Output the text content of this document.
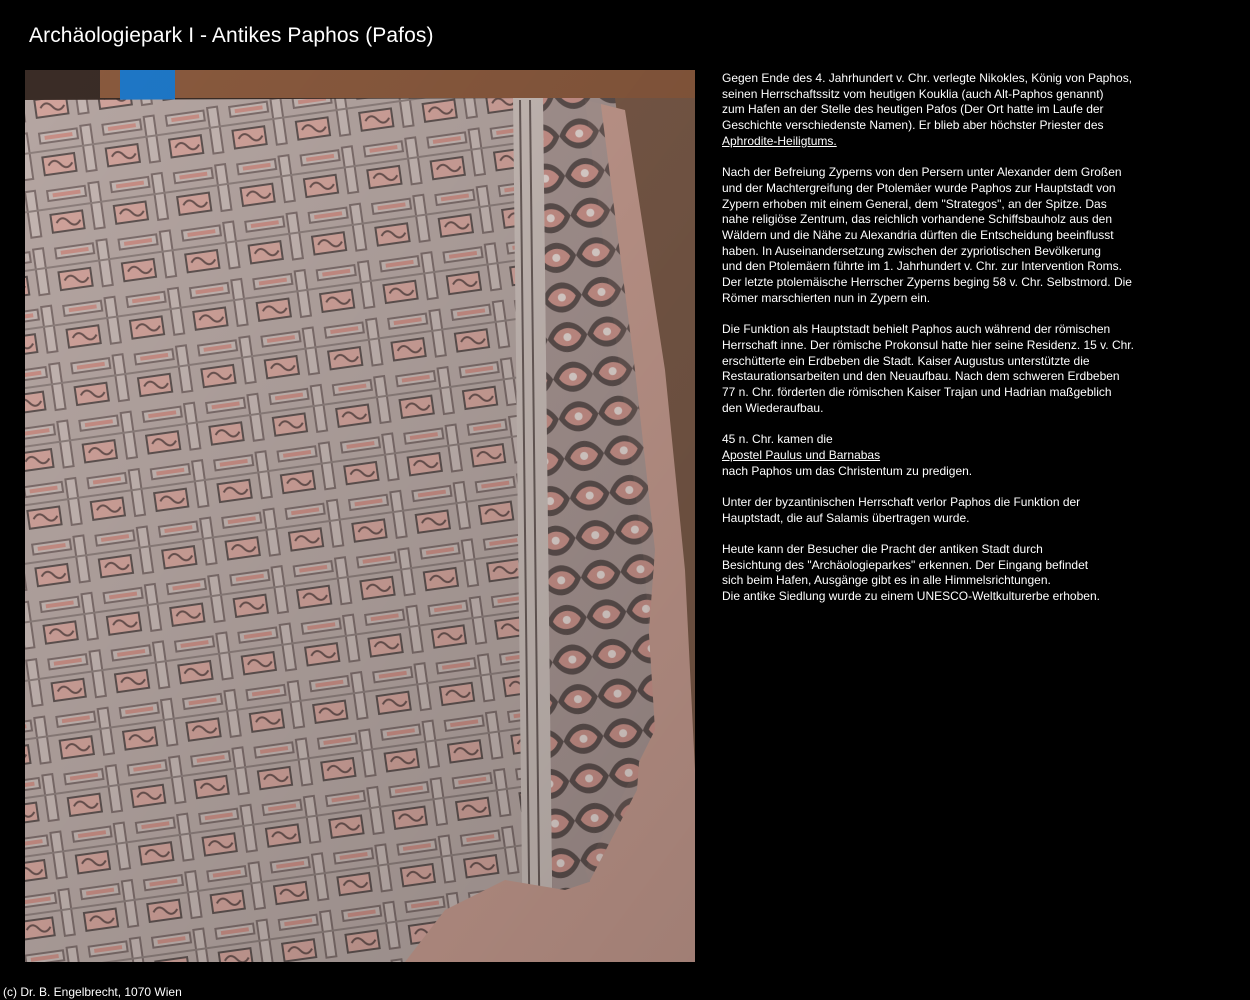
Archäologiepark I - Antikes Paphos (Pafos)

Gegen Ende des 4. Jahrhundert v. Chr. verlegte Nikokles, König von Paphos,
seinen Herrschaftssitz vom heutigen Kouklia (auch Alt-Paphos genannt)
zum Hafen an der Stelle des heutigen Pafos (Der Ort hatte im Laufe der
Geschichte verschiedenste Namen). Er blieb aber höchster Priester des
Aphrodite-Heiligtums.

Nach der Befreiung Zyperns von den Persern unter Alexander dem Großen
und der Machtergreifung der Ptolemäer wurde Paphos zur Hauptstadt von
Zypern erhoben mit einem General, dem "Strategos", an der Spitze. Das
nahe religiöse Zentrum, das reichlich vorhandene Schiffsbauholz aus den
Wäldern und die Nähe zu Alexandria dürften die Entscheidung beeinflusst
haben. In Auseinandersetzung zwischen der zypriotischen Bevölkerung
und den Ptolemäern führte im 1. Jahrhundert v. Chr. zur Intervention Roms.
Der letzte ptolemäische Herrscher Zyperns beging 58 v. Chr. Selbstmord. Die
Römer marschierten nun in Zypern ein.

Die Funktion als Hauptstadt behielt Paphos auch während der römischen
Herrschaft inne. Der römische Prokonsul hatte hier seine Residenz. 15 v. Chr.
erschütterte ein Erdbeben die Stadt. Kaiser Augustus unterstützte die
Restaurationsarbeiten und den Neuaufbau. Nach dem schweren Erdbeben
77 n. Chr. förderten die römischen Kaiser Trajan und Hadrian maßgeblich
den Wiederaufbau.

45 n. Chr. kamen die
Apostel Paulus und Barnabas
nach Paphos um das Christentum zu predigen.

Unter der byzantinischen Herrschaft verlor Paphos die Funktion der
Hauptstadt, die auf Salamis übertragen wurde.

Heute kann der Besucher die Pracht der antiken Stadt durch
Besichtung des "Archäologieparkes" erkennen. Der Eingang befindet
sich beim Hafen, Ausgänge gibt es in alle Himmelsrichtungen.
Die antike Siedlung wurde zu einem UNESCO-Weltkulturerbe erhoben.

(c) Dr. B. Engelbrecht, 1070 Wien
